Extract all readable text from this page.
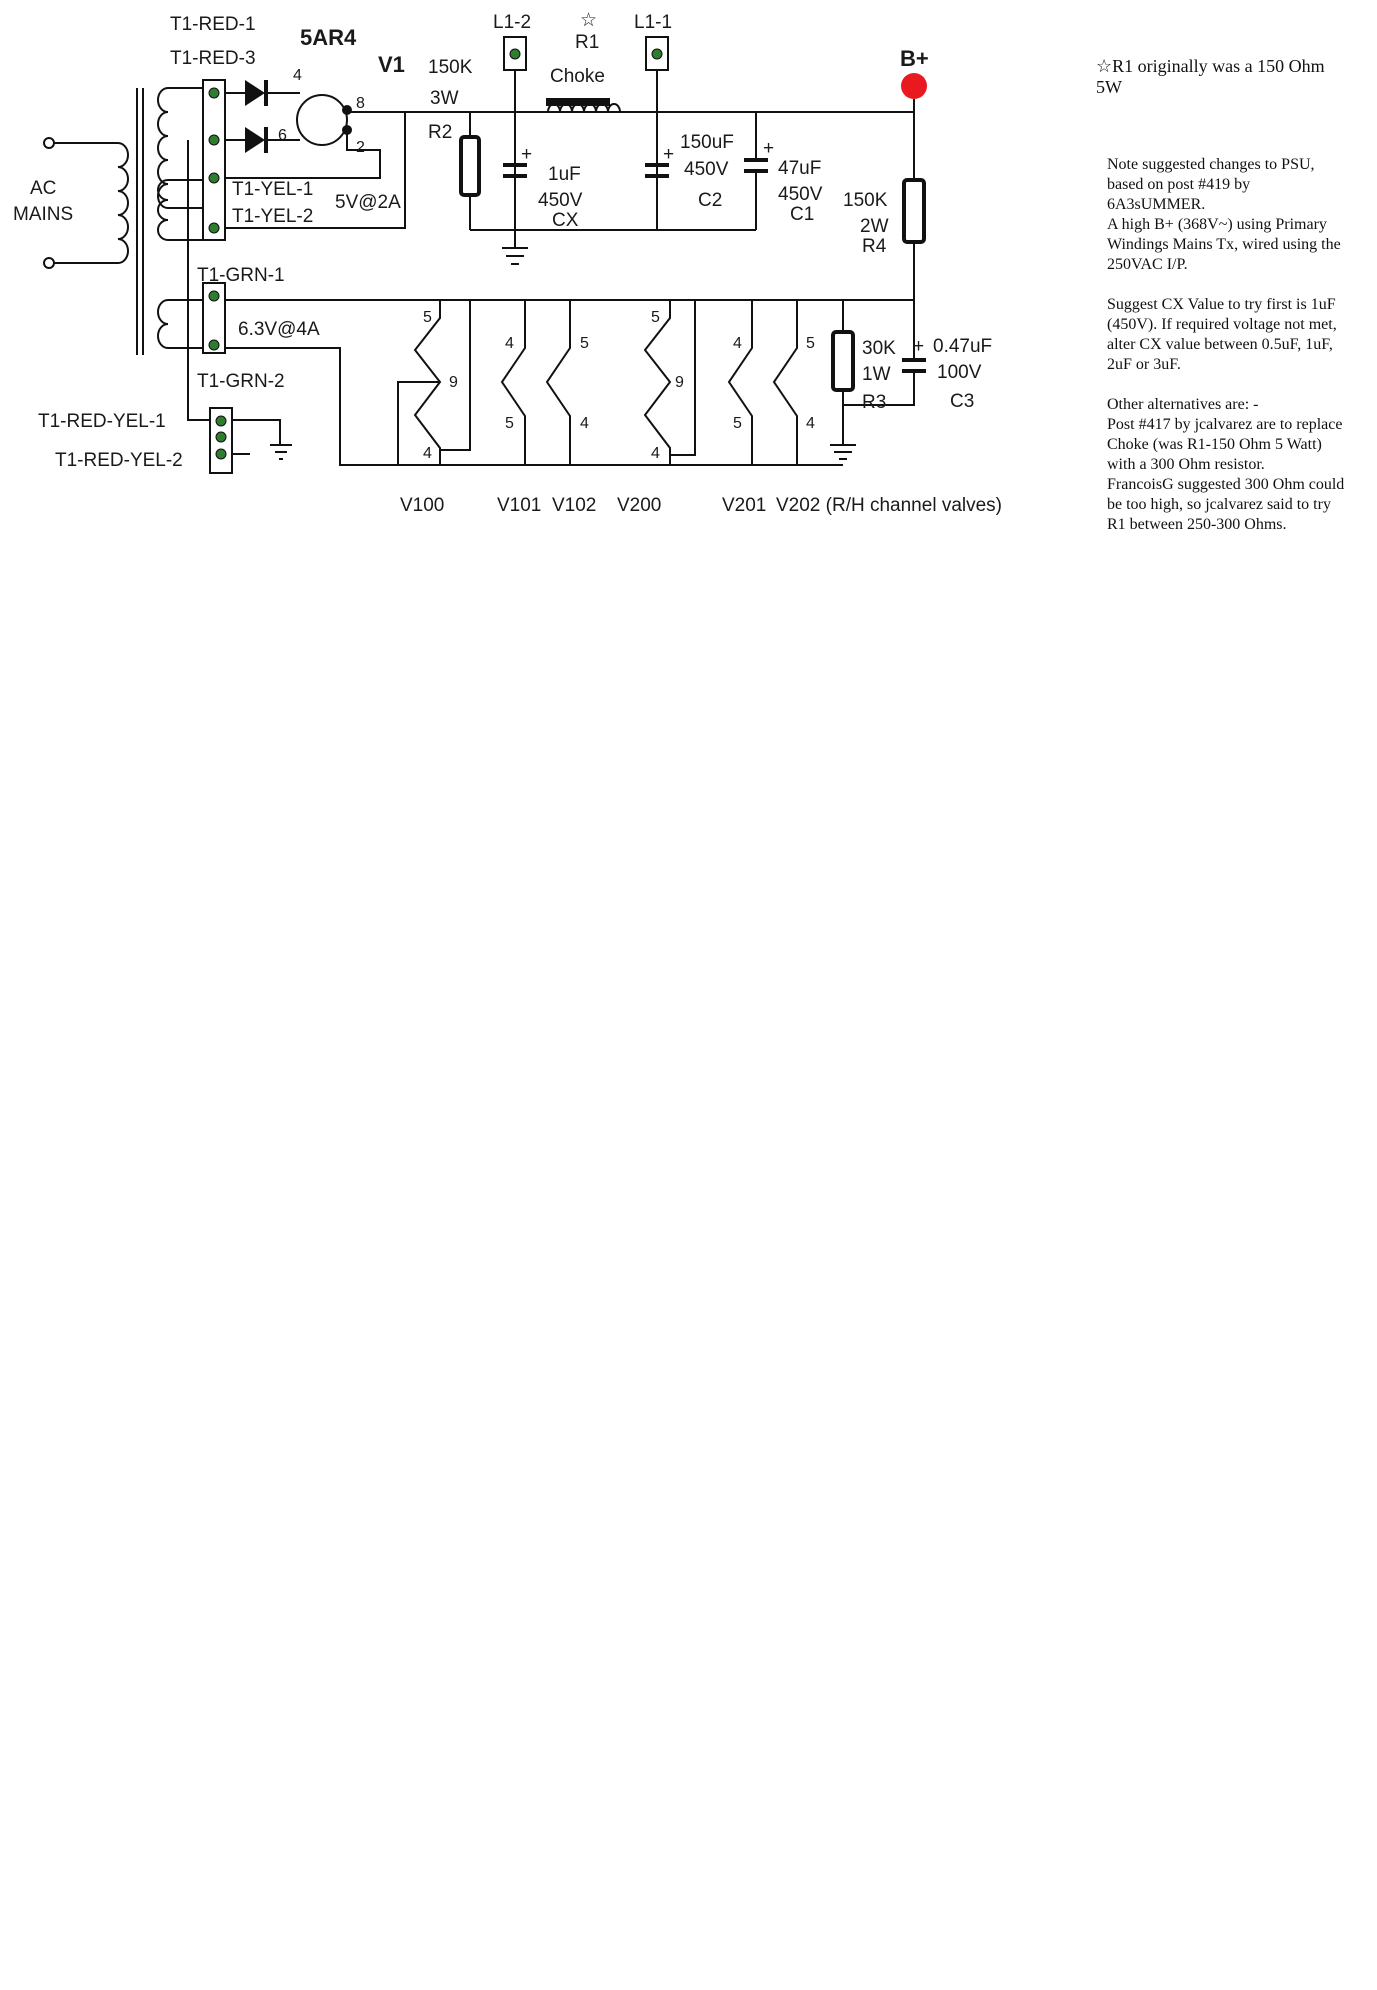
AC
MAINS
T1-RED-1
T1-RED-3
T1-YEL-1
T1-YEL-2
T1-GRN-1
T1-GRN-2
T1-RED-YEL-1
T1-RED-YEL-2
5V@2A
6.3V@4A
5AR4
V1
4
6
8
2
150K
3W
R2
L1-2
+
1uF
450V
CX
☆
R1
Choke
L1-1
+
150uF
450V
C2
+
47uF
450V
C1
B+
150K
2W
R4
5
9
4
4
5
5
4
5
9
4
4
5
5
4
30K
1W
R3
+ 0.47uF
100V
C3
V100	V101 V102 V200	V201 V202 (R/H channel valves)
☆R1 originally was a 150 Ohm 5W

Note suggested changes to PSU, based on post #419 by 6A3sUMMER.
A high B+ (368V~) using Primary Windings Mains Tx, wired using the 250VAC I/P.

Suggest CX Value to try first is 1uF (450V). If required voltage not met, alter CX value between 0.5uF, 1uF, 2uF or 3uF.

Other alternatives are: -
Post #417 by jcalvarez are to replace Choke (was R1-150 Ohm 5 Watt) with a 300 Ohm resistor.
FrancoisG suggested 300 Ohm could be too high, so jcalvarez said to try R1 between 250-300 Ohms.
